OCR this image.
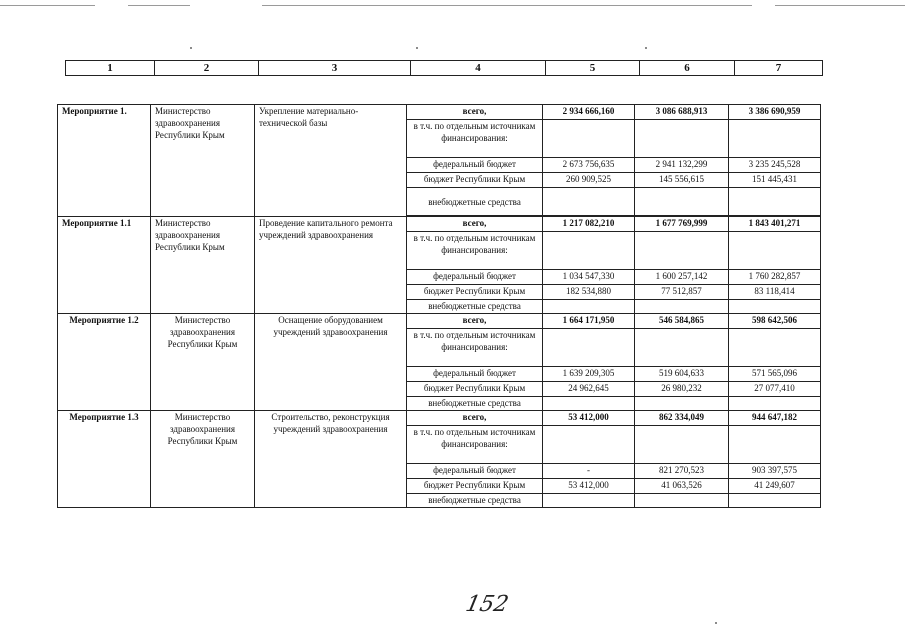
1	2	3	4	5	6	7
Мероприятие 1.	Министерство здравоохранения Республики Крым	Укрепление материально-технической базы	всего,	2 934 666,160	3 086 688,913	3 386 690,959
			в т.ч. по отдельным источникам финансирования:			
			федеральный бюджет	2 673 756,635	2 941 132,299	3 235 245,528
			бюджет Республики Крым	260 909,525	145 556,615	151 445,431
			внебюджетные средства			

Мероприятие 1.1	Министерство здравоохранения Республики Крым	Проведение капитального ремонта учреждений здравоохранения	всего,	1 217 082,210	1 677 769,999	1 843 401,271
			в т.ч. по отдельным источникам финансирования:			
			федеральный бюджет	1 034 547,330	1 600 257,142	1 760 282,857
			бюджет Республики Крым	182 534,880	77 512,857	83 118,414
			внебюджетные средства			
Мероприятие 1.2	Министерство здравоохранения Республики Крым	Оснащение оборудованием учреждений здравоохранения	всего,	1 664 171,950	546 584,865	598 642,506
			в т.ч. по отдельным источникам финансирования:			
			федеральный бюджет	1 639 209,305	519 604,633	571 565,096
			бюджет Республики Крым	24 962,645	26 980,232	27 077,410
			внебюджетные средства			
Мероприятие 1.3	Министерство здравоохранения Республики Крым	Строительство, реконструкция учреждений здравоохранения	всего,	53 412,000	862 334,049	944 647,182
			в т.ч. по отдельным источникам финансирования:			
			федеральный бюджет	-	821 270,523	903 397,575
			бюджет Республики Крым	53 412,000	41 063,526	41 249,607
			внебюджетные средства			
152
